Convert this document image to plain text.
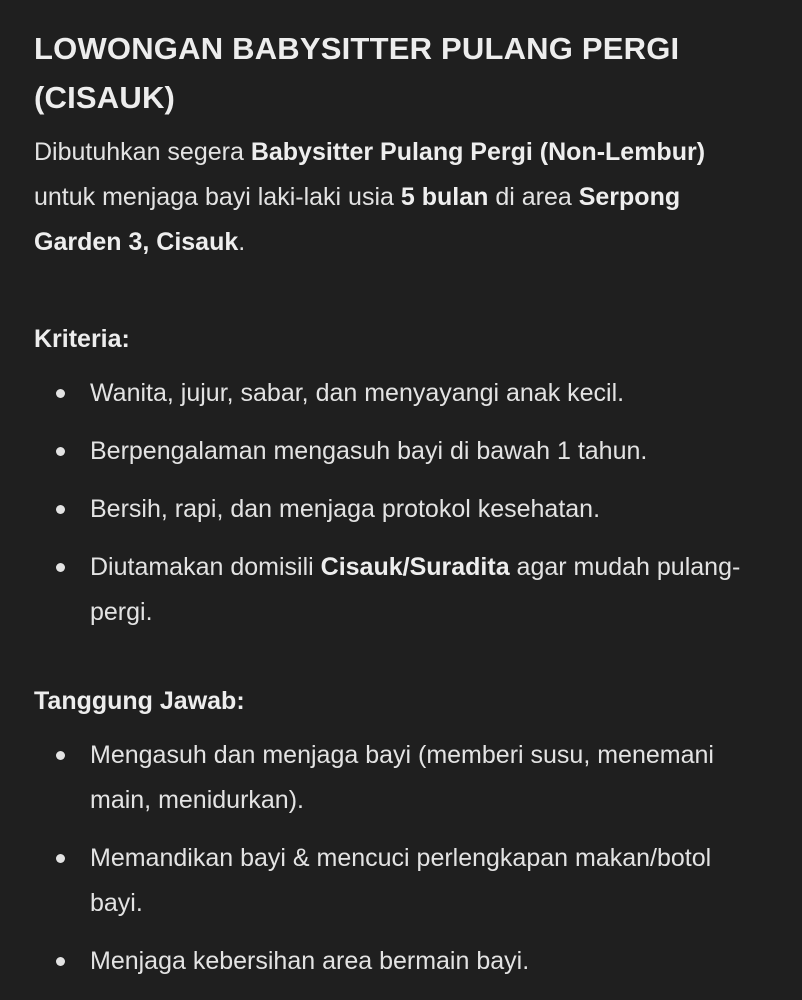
LOWONGAN BABYSITTER PULANG PERGI (CISAUK)

Dibutuhkan segera Babysitter Pulang Pergi (Non-Lembur) untuk menjaga bayi laki-laki usia 5 bulan di area Serpong Garden 3, Cisauk.

Kriteria:
Wanita, jujur, sabar, dan menyayangi anak kecil.
Berpengalaman mengasuh bayi di bawah 1 tahun.
Bersih, rapi, dan menjaga protokol kesehatan.
Diutamakan domisili Cisauk/Suradita agar mudah pulang-pergi.
Tanggung Jawab:
Mengasuh dan menjaga bayi (memberi susu, menemani main, menidurkan).
Memandikan bayi & mencuci perlengkapan makan/botol bayi.
Menjaga kebersihan area bermain bayi.
